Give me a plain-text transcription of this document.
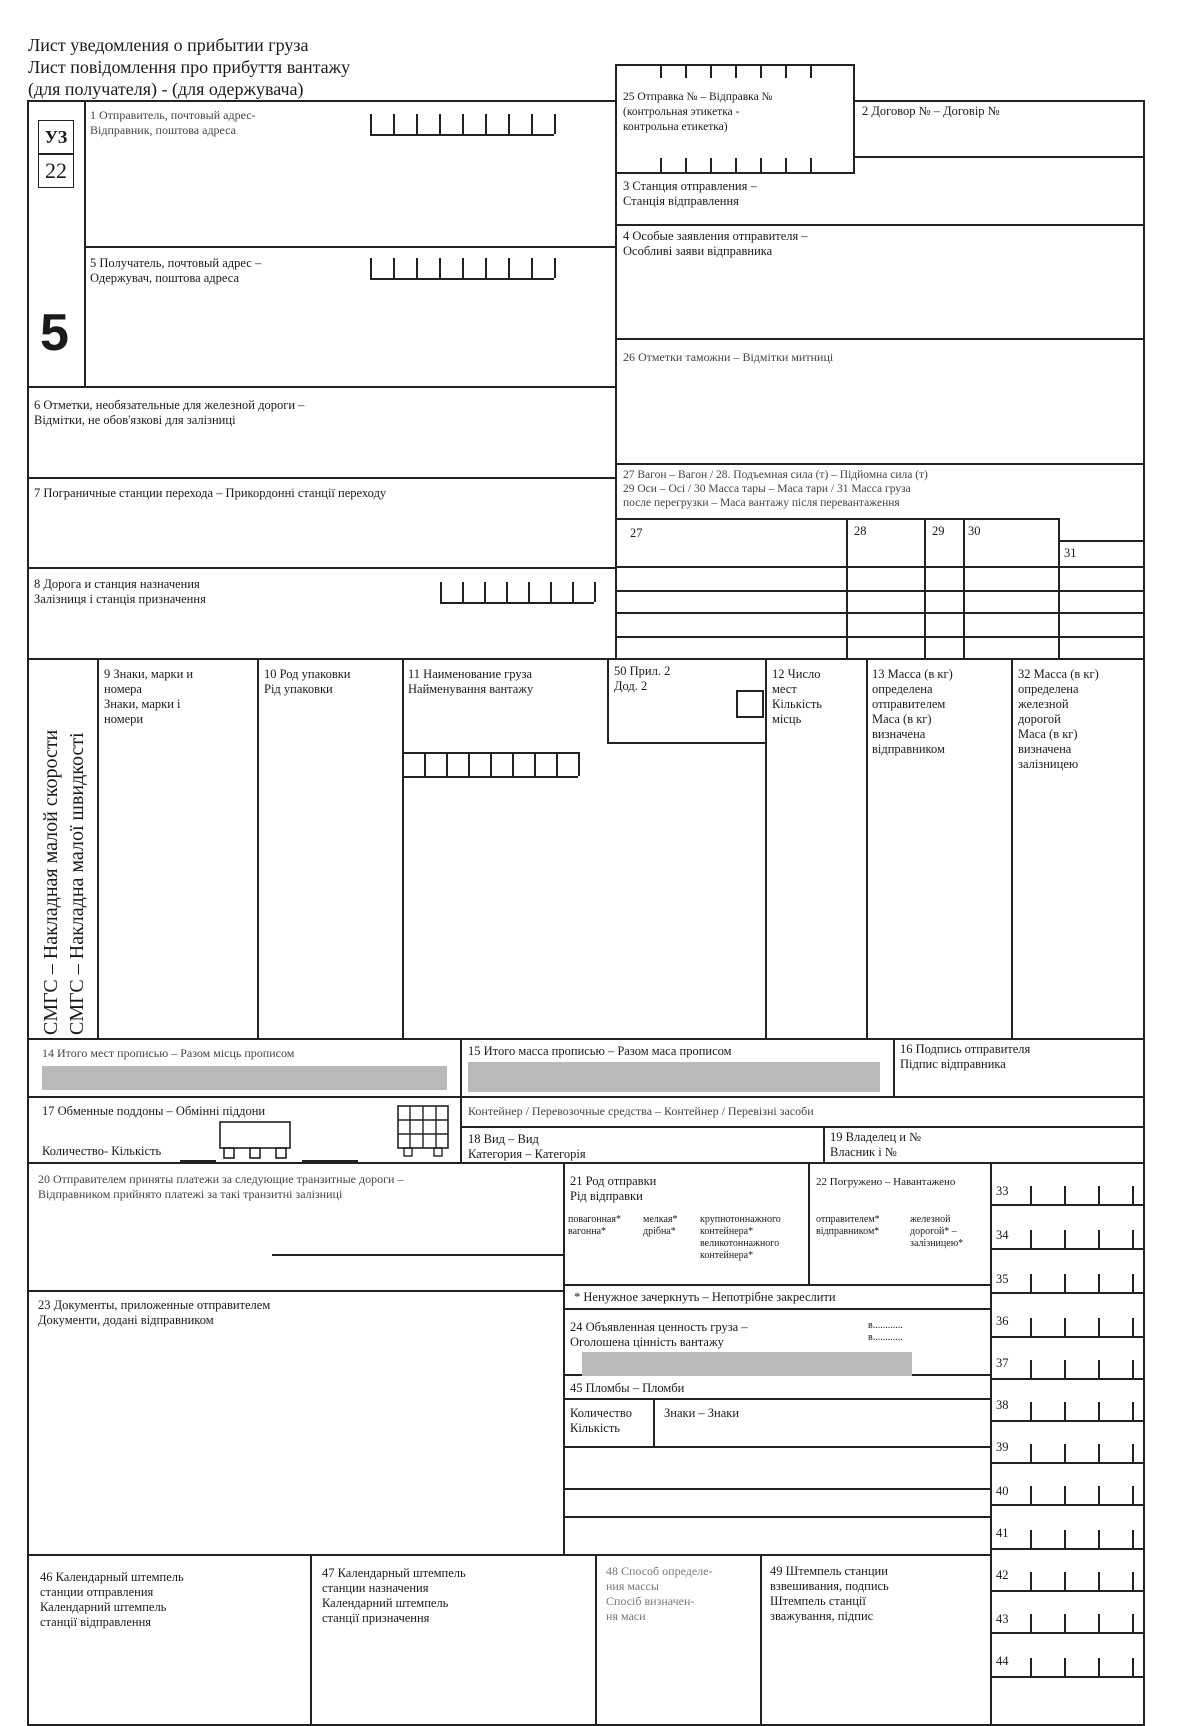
Лист уведомления о прибытии груза
Лист повідомлення про прибуття вантажу
(для получателя) - (для одержувача)
УЗ
22
5
СМГС – Накладная малой скорости
СМГС – Накладна малої швидкості
1 Отправитель, почтовый адрес-
Відправник, поштова адреса
2 Договор № – Договір №
25 Отправка № – Відправка №
(контрольная этикетка -
контрольна етикетка)
3 Станция отправления –
Станція відправлення
4 Особые заявления отправителя –
Особливі заяви відправника
5 Получатель, почтовый адрес –
Одержувач, поштова адреса
26 Отметки таможни – Відмітки митниці
6 Отметки, необязательные для железной дороги –
Відмітки, не обов'язкові для залізниці
27 Вагон – Вагон / 28. Подъемная сила (т) – Підйомна сила (т)
29 Оси – Осі / 30 Масса тары – Маса тари / 31 Масса груза
после перегрузки – Маса вантажу після перевантаження
7 Пограничные станции перехода – Прикордонні станції переходу
27	28	29 30
31
8 Дорога и станция назначения
Залізниця і станція призначення
9 Знаки, марки и
номера
Знаки, марки і
номери
10 Род упаковки
Рід упаковки
11 Наименование груза
Найменування вантажу
50 Прил. 2
Дод. 2
12 Число
мест
Кількість
місць
13 Масса (в кг)
определена
отправителем
Маса (в кг)
визначена
відправником
32 Масса (в кг)
определена
железной
дорогой
Маса (в кг)
визначена
залізницею
14 Итого мест прописью – Разом місць прописом	15 Итого масса прописью – Разом маса прописом	16 Подпись отправителя
Підпис відправника
17 Обменные поддоны – Обмінні піддони
Количество- Кількість
Контейнер / Перевозочные средства – Контейнер / Перевізні засоби
18 Вид – Вид
Категория – Категорія
19 Владелец и №
Власник і №
20 Отправителем приняты платежи за следующие транзитные дороги –
Відправником прийнято платежі за такі транзитні залізниці
21 Род отправки
Рід відправки
повагонная*
вагонна*
мелкая*
дрібна*
крупнотоннажного
контейнера*
великотоннажного
контейнера*
22 Погружено – Навантажено
отправителем*
відправником*
железной
дорогой* –
залізницею*
23 Документы, приложенные отправителем
Документи, додані відправником
* Ненужное зачеркнуть – Непотрібне закреслити
24 Объявленная ценность груза –
Оголошена цінність вантажу
в............
в............
45 Пломбы – Пломби
Количество
Кількість
Знаки – Знаки
46 Календарный штемпель
станции отправления
Календарний штемпель
станції відправлення
47 Календарный штемпель
станции назначения
Календарний штемпель
станції призначення
48 Способ определе-
ния массы
Спосіб визначен-
ня маси
49 Штемпель станции
взвешивания, подпись
Штемпель станції
зважування, підпис
33
34
35
36
37
38
39
40
41
42
43
44
